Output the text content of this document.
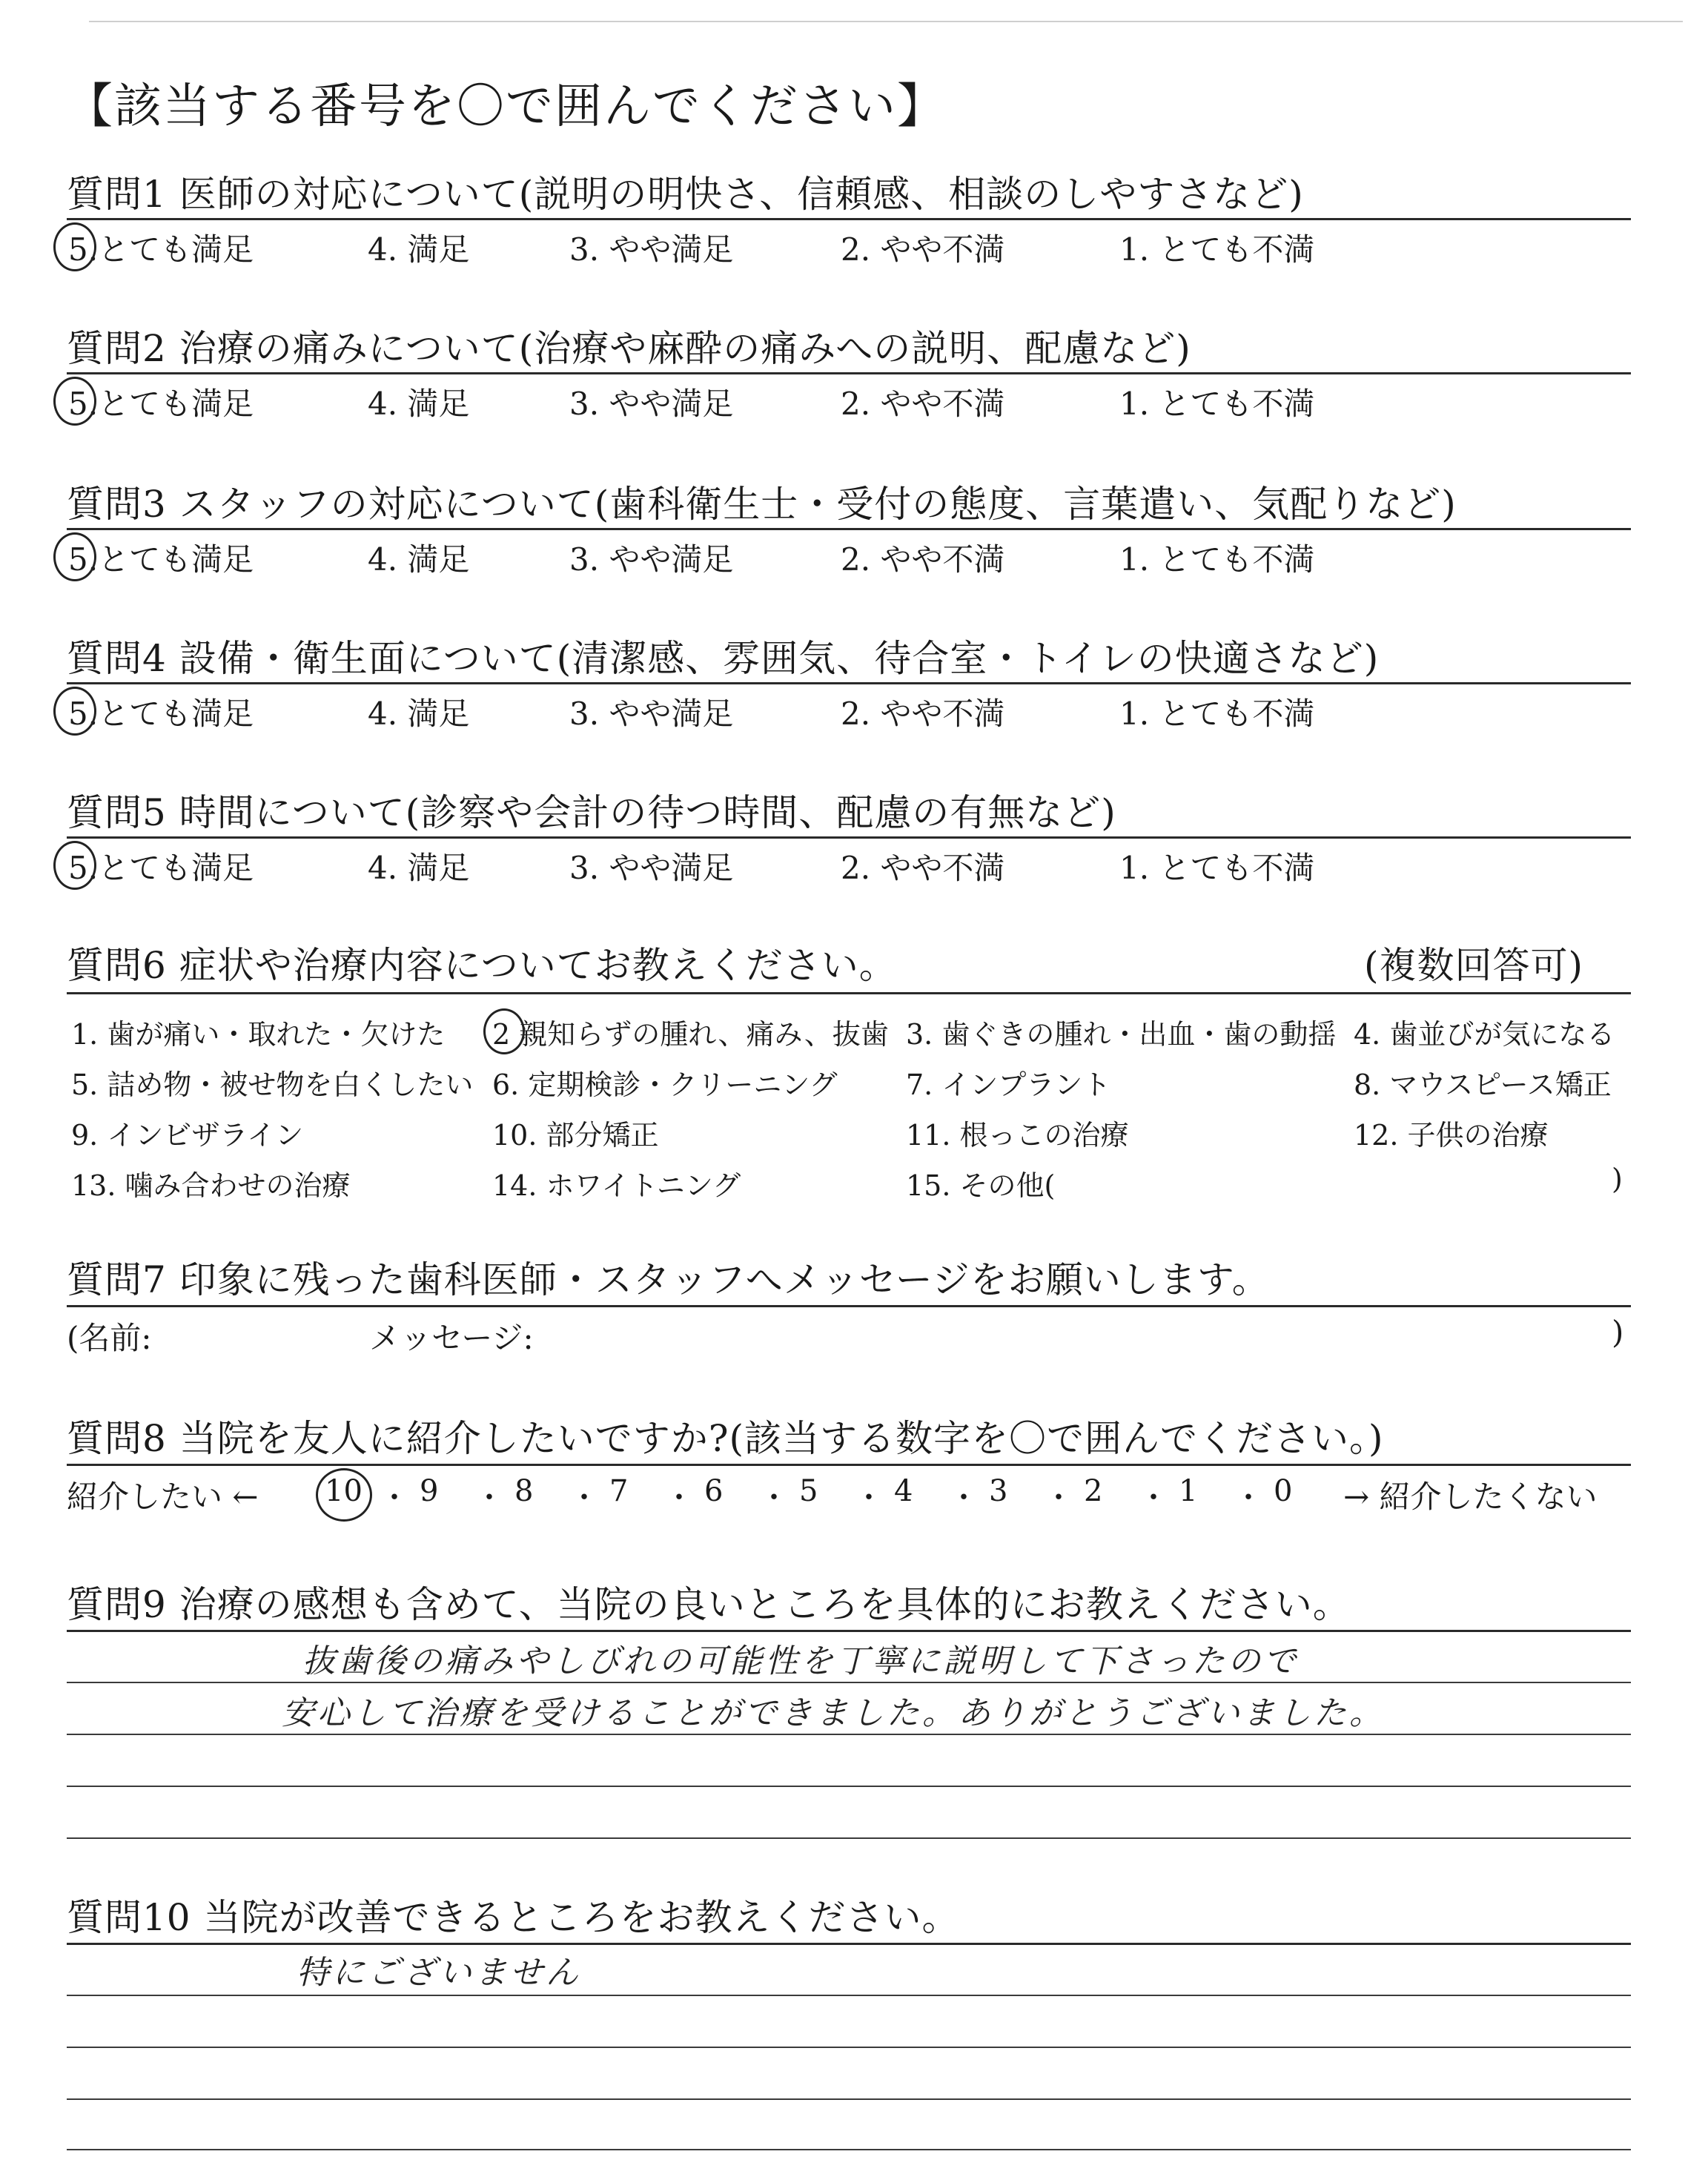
【該当する番号を〇で囲んでください】
質問1 医師の対応について(説明の明快さ、信頼感、相談のしやすさなど)
5.とても満足	4. 満足	3. やや満足	2. やや不満	1. とても不満
質問2 治療の痛みについて(治療や麻酔の痛みへの説明、配慮など)
5.とても満足	4. 満足	3. やや満足	2. やや不満	1. とても不満
質問3 スタッフの対応について(歯科衛生士・受付の態度、言葉遣い、気配りなど)
5.とても満足	4. 満足	3. やや満足	2. やや不満	1. とても不満
質問4 設備・衛生面について(清潔感、雰囲気、待合室・トイレの快適さなど)
5.とても満足	4. 満足	3. やや満足	2. やや不満	1. とても不満
質問5 時間について(診察や会計の待つ時間、配慮の有無など)
5.とても満足	4. 満足	3. やや満足	2. やや不満	1. とても不満
質問6 症状や治療内容についてお教えください。	(複数回答可)
1. 歯が痛い・取れた・欠けた 2 親知らずの腫れ、痛み、抜歯 3. 歯ぐきの腫れ・出血・歯の動揺 4. 歯並びが気になる
5. 詰め物・被せ物を白くしたい 6. 定期検診・クリーニング 7. インプラント	8. マウスピース矯正
9. インビザライン	10. 部分矯正	11. 根っこの治療	12. 子供の治療
13. 噛み合わせの治療	14. ホワイトニング	15. その他(	)
質問7 印象に残った歯科医師・スタッフへメッセージをお願いします。
(名前:	メッセージ:	)
質問8 当院を友人に紹介したいですか?(該当する数字を〇で囲んでください。)
紹介したい ← 10 ・ 9 ・ 8 ・ 7 ・ 6 ・ 5 ・ 4 ・ 3 ・ 2 ・ 1 ・ 0 → 紹介したくない
質問9 治療の感想も含めて、当院の良いところを具体的にお教えください。
抜歯後の痛みやしびれの可能性を丁寧に説明して下さったので
安心して治療を受けることができました。ありがとうございました。
質問10 当院が改善できるところをお教えください。
特にございません
